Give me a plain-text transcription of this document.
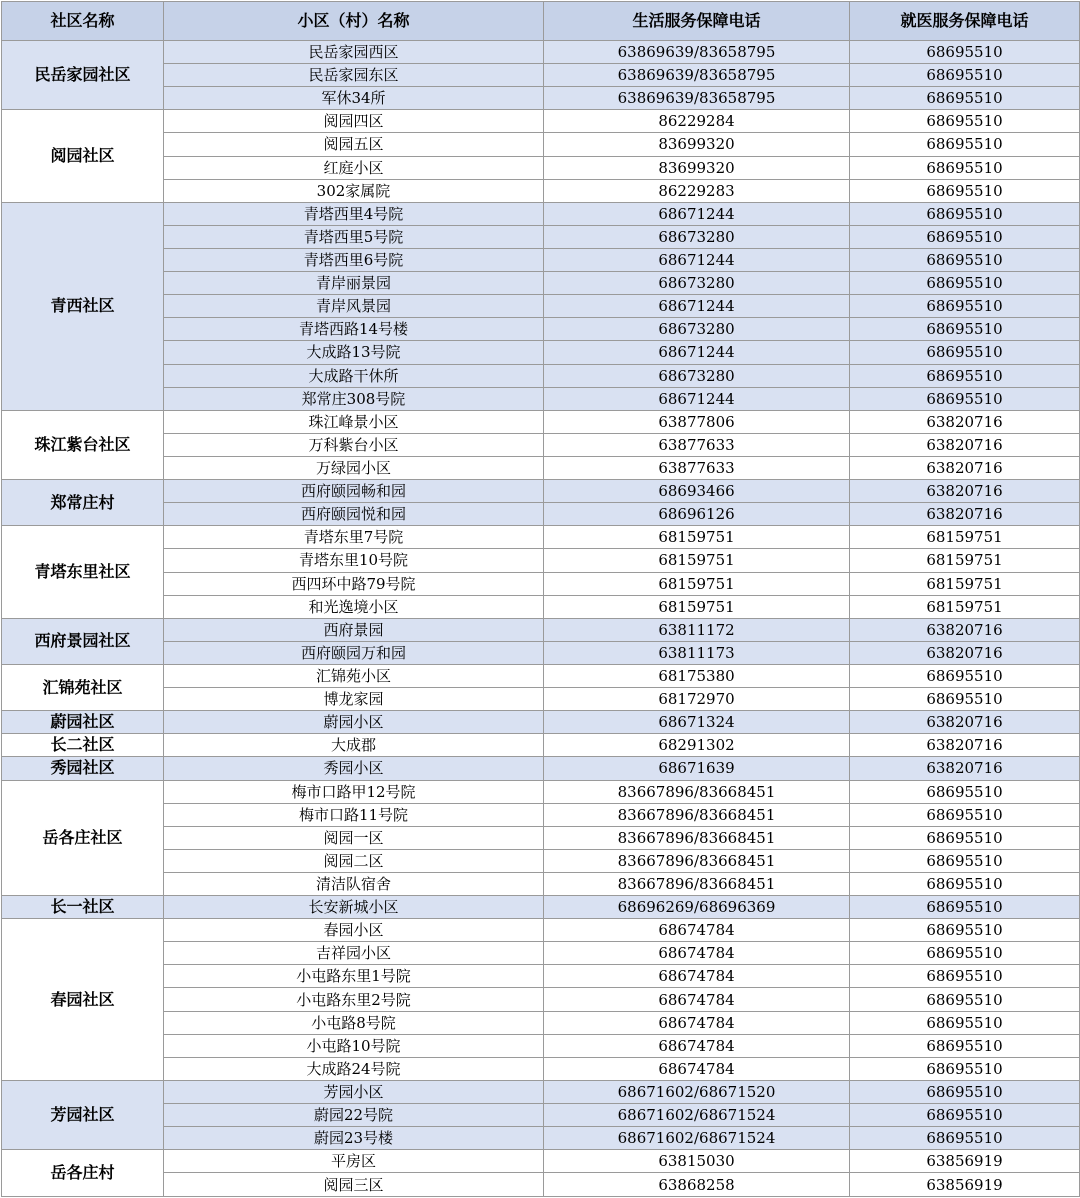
社区名称	小区（村）名称	生活服务保障电话	就医服务保障电话
民岳家园社区	民岳家园西区	63869639/83658795	68695510
	民岳家园东区	63869639/83658795	68695510
	军休34所	63869639/83658795	68695510
阅园社区	阅园四区	86229284	68695510
	阅园五区	83699320	68695510
	红庭小区	83699320	68695510
	302家属院	86229283	68695510
青西社区	青塔西里4号院	68671244	68695510
	青塔西里5号院	68673280	68695510
	青塔西里6号院	68671244	68695510
	青岸丽景园	68673280	68695510
	青岸风景园	68671244	68695510
	青塔西路14号楼	68673280	68695510
	大成路13号院	68671244	68695510
	大成路干休所	68673280	68695510
	郑常庄308号院	68671244	68695510
珠江紫台社区	珠江峰景小区	63877806	63820716
	万科紫台小区	63877633	63820716
	万绿园小区	63877633	63820716
郑常庄村	西府颐园畅和园	68693466	63820716
	西府颐园悦和园	68696126	63820716
青塔东里社区	青塔东里7号院	68159751	68159751
	青塔东里10号院	68159751	68159751
	西四环中路79号院	68159751	68159751
	和光逸境小区	68159751	68159751
西府景园社区	西府景园	63811172	63820716
	西府颐园万和园	63811173	63820716
汇锦苑社区	汇锦苑小区	68175380	68695510
	博龙家园	68172970	68695510
蔚园社区	蔚园小区	68671324	63820716
长二社区	大成郡	68291302	63820716
秀园社区	秀园小区	68671639	63820716
岳各庄社区	梅市口路甲12号院	83667896/83668451	68695510
	梅市口路11号院	83667896/83668451	68695510
	阅园一区	83667896/83668451	68695510
	阅园二区	83667896/83668451	68695510
	清洁队宿舍	83667896/83668451	68695510
长一社区	长安新城小区	68696269/68696369	68695510
春园社区	春园小区	68674784	68695510
	吉祥园小区	68674784	68695510
	小屯路东里1号院	68674784	68695510
	小屯路东里2号院	68674784	68695510
	小屯路8号院	68674784	68695510
	小屯路10号院	68674784	68695510
	大成路24号院	68674784	68695510
芳园社区	芳园小区	68671602/68671520	68695510
	蔚园22号院	68671602/68671524	68695510
	蔚园23号楼	68671602/68671524	68695510
岳各庄村	平房区	63815030	63856919
	阅园三区	63868258	63856919
